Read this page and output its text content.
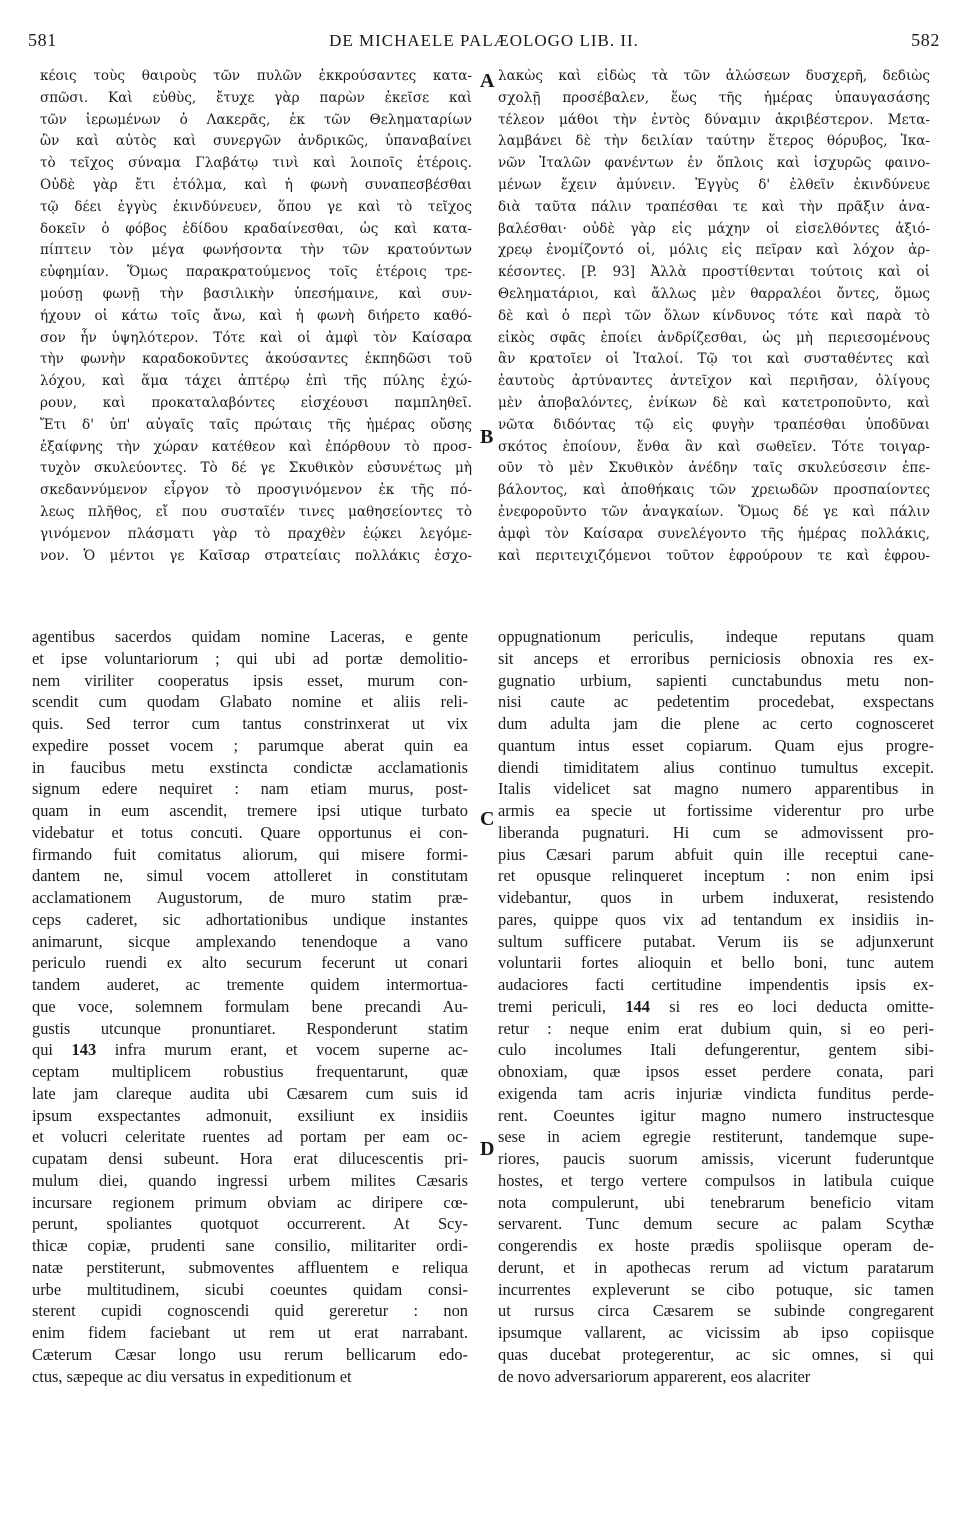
581	DE MICHAELE PALÆOLOGO LIB. II.	582
κέοις τοὺς θαιροὺς τῶν πυλῶν ἐκκρούσαντες κατα-
σπῶσι. Καὶ εὐθὺς, ἔτυχε γὰρ παρὼν ἐκεῖσε καὶ
τῶν ἱερωμένων ὁ Λακερᾶς, ἐκ τῶν Θεληματαρίων
ὢν καὶ αὐτὸς καὶ συνεργῶν ἀνδρικῶς, ὑπαναβαίνει
τὸ τεῖχος σύναμα Γλαβάτῳ τινὶ καὶ λοιποῖς ἑτέροις.
Οὐδὲ γὰρ ἔτι ἐτόλμα, καὶ ἡ φωνὴ συναπεσβέσθαι
τῷ δέει ἐγγὺς ἐκινδύνευεν, ὅπου γε καὶ τὸ τεῖχος
δοκεῖν ὁ φόβος ἐδίδου κραδαίνεσθαι, ὡς καὶ κατα-
πίπτειν τὸν μέγα φωνήσοντα τὴν τῶν κρατούντων
εὐφημίαν. Ὅμως παρακρατούμενος τοῖς ἑτέροις τρε-
μούσῃ φωνῇ τὴν βασιλικὴν ὑπεσήμαινε, καὶ συν-
ήχουν οἱ κάτω τοῖς ἄνω, καὶ ἡ φωνὴ διήρετο καθό-
σον ἦν ὑψηλότερον. Τότε καὶ οἱ ἀμφὶ τὸν Καίσαρα
τὴν φωνὴν καραδοκοῦντες ἀκούσαντες ἐκπηδῶσι τοῦ
λόχου, καὶ ἅμα τάχει ἀπτέρῳ ἐπὶ τῆς πύλης ἐχώ-
ρουν, καὶ προκαταλαβόντες εἰσχέουσι παμπληθεῖ.
Ἔτι δ' ὑπ' αὐγαῖς ταῖς πρώταις τῆς ἡμέρας οὔσης
ἐξαίφνης τὴν χώραν κατέθεον καὶ ἐπόρθουν τὸ προσ-
τυχὸν σκυλεύοντες. Τὸ δέ γε Σκυθικὸν εὐσυνέτως μὴ
σκεδαννύμενον εἶργον τὸ προσγινόμενον ἐκ τῆς πό-
λεως πλῆθος, εἴ που συσταῖέν τινες μαθησείοντες τὸ
γινόμενον πλάσματι γὰρ τὸ πραχθὲν ἐῴκει λεγόμε-
νον. Ὁ μέντοι γε Καῖσαρ στρατείαις πολλάκις ἐσχο-
λακὼς καὶ εἰδὼς τὰ τῶν ἁλώσεων δυσχερῆ, δεδιὼς
σχολῇ προσέβαλεν, ἕως τῆς ἡμέρας ὑπαυγασάσης
τέλεον μάθοι τὴν ἐντὸς δύναμιν ἀκριβέστερον. Μετα-
λαμβάνει δὲ τὴν δειλίαν ταύτην ἕτερος θόρυβος, Ἰκα-
νῶν Ἰταλῶν φανέντων ἐν ὅπλοις καὶ ἰσχυρῶς φαινο-
μένων ἔχειν ἀμύνειν. Ἐγγὺς δ' ἐλθεῖν ἐκινδύνευε
διὰ ταῦτα πάλιν τραπέσθαι τε καὶ τὴν πρᾶξιν ἀνα-
βαλέσθαι· οὐδὲ γὰρ εἰς μάχην οἱ εἰσελθόντες ἀξιό-
χρεῳ ἐνομίζοντό οἱ, μόλις εἰς πεῖραν καὶ λόχον ἀρ-
κέσοντες. [P. 93] Ἀλλὰ προστίθενται τούτοις καὶ οἱ
Θεληματάριοι, καὶ ἄλλως μὲν θαρραλέοι ὄντες, ὅμως
δὲ καὶ ὁ περὶ τῶν ὅλων κίνδυνος τότε καὶ παρὰ τὸ
εἰκὸς σφᾶς ἐποίει ἀνδρίζεσθαι, ὡς μὴ περιεσομένους
ἂν κρατοῖεν οἱ Ἰταλοί. Τῷ τοι καὶ συσταθέντες καὶ
ἑαυτοὺς ἀρτύναντες ἀντεῖχον καὶ περιῆσαν, ὀλίγους
μὲν ἀποβαλόντες, ἐνίκων δὲ καὶ κατετροποῦντο, καὶ
νῶτα διδόντας τῷ εἰς φυγὴν τραπέσθαι ὑποδῦναι
σκότος ἐποίουν, ἔνθα ἂν καὶ σωθεῖεν. Τότε τοιγαρ-
οῦν τὸ μὲν Σκυθικὸν ἀνέδην ταῖς σκυλεύσεσιν ἐπε-
βάλοντος, καὶ ἀποθήκαις τῶν χρειωδῶν προσπαίοντες
ἐνεφοροῦντο τῶν ἀναγκαίων. Ὅμως δέ γε καὶ πάλιν
ἀμφὶ τὸν Καίσαρα συνελέγοντο τῆς ἡμέρας πολλάκις,
καὶ περιτειχιζόμενοι τοῦτον ἐφρούρουν τε καὶ ἐφρου-
A
B
C
D
agentibus sacerdos quidam nomine Laceras, e gente
et ipse voluntariorum ; qui ubi ad portæ demolitio-
nem viriliter cooperatus ipsis esset, murum con-
scendit cum quodam Glabato nomine et aliis reli-
quis. Sed terror cum tantus constrinxerat ut vix
expedire posset vocem ; parumque aberat quin ea
in faucibus metu exstincta condictæ acclamationis
signum edere nequiret : nam etiam murus, post-
quam in eum ascendit, tremere ipsi utique turbato
videbatur et totus concuti. Quare opportunus ei con-
firmando fuit comitatus aliorum, qui misere formi-
dantem ne, simul vocem attolleret in constitutam
acclamationem Augustorum, de muro statim præ-
ceps caderet, sic adhortationibus undique instantes
animarunt, sicque amplexando tenendoque a vano
periculo ruendi ex alto securum fecerunt ut conari
tandem auderet, ac tremente quidem intermortua-
que voce, solemnem formulam bene precandi Au-
gustis utcunque pronuntiaret. Responderunt statim
qui 143 infra murum erant, et vocem superne ac-
ceptam multiplicem robustius frequentarunt, quæ
late jam clareque audita ubi Cæsarem cum suis id
ipsum exspectantes admonuit, exsiliunt ex insidiis
et volucri celeritate ruentes ad portam per eam oc-
cupatam densi subeunt. Hora erat dilucescentis pri-
mulum diei, quando ingressi urbem milites Cæsaris
incursare regionem primum obviam ac diripere cœ-
perunt, spoliantes quotquot occurrerent. At Scy-
thicæ copiæ, prudenti sane consilio, militariter ordi-
natæ perstiterunt, submoventes affluentem e reliqua
urbe multitudinem, sicubi coeuntes quidam consi-
sterent cupidi cognoscendi quid gereretur : non
enim fidem faciebant ut rem ut erat narrabant.
Cæterum Cæsar longo usu rerum bellicarum edo-
ctus, sæpeque ac diu versatus in expeditionum et
oppugnationum periculis, indeque reputans quam
sit anceps et erroribus perniciosis obnoxia res ex-
gugnatio urbium, sapienti cunctabundus metu non-
nisi caute ac pedetentim procedebat, exspectans
dum adulta jam die plene ac certo cognosceret
quantum intus esset copiarum. Quam ejus progre-
diendi timiditatem alius continuo tumultus excepit.
Italis videlicet sat magno numero apparentibus in
armis ea specie ut fortissime viderentur pro urbe
liberanda pugnaturi. Hi cum se admovissent pro-
pius Cæsari parum abfuit quin ille receptui cane-
ret opusque relinqueret inceptum : non enim ipsi
videbantur, quos in urbem induxerat, resistendo
pares, quippe quos vix ad tentandum ex insidiis in-
sultum sufficere putabat. Verum iis se adjunxerunt
voluntarii fortes alioquin et bello boni, tunc autem
audaciores facti certitudine impendentis ipsis ex-
tremi periculi, 144 si res eo loci deducta omitte-
retur : neque enim erat dubium quin, si eo peri-
culo incolumes Itali defungerentur, gentem sibi-
obnoxiam, quæ ipsos esset perdere conata, pari
exigenda tam acris injuriæ vindicta funditus perde-
rent. Coeuntes igitur magno numero instructesque
sese in aciem egregie restiterunt, tandemque supe-
riores, paucis suorum amissis, vicerunt fuderuntque
hostes, et tergo vertere compulsos in latibula cuique
nota compulerunt, ubi tenebrarum beneficio vitam
servarent. Tunc demum secure ac palam Scythæ
congerendis ex hoste prædis spoliisque operam de-
derunt, et in apothecas rerum ad victum paratarum
incurrentes expleverunt se cibo potuque, sic tamen
ut rursus circa Cæsarem se subinde congregarent
ipsumque vallarent, ac vicissim ab ipso copiisque
quas ducebat protegerentur, ac sic omnes, si qui
de novo adversariorum apparerent, eos alacriter
